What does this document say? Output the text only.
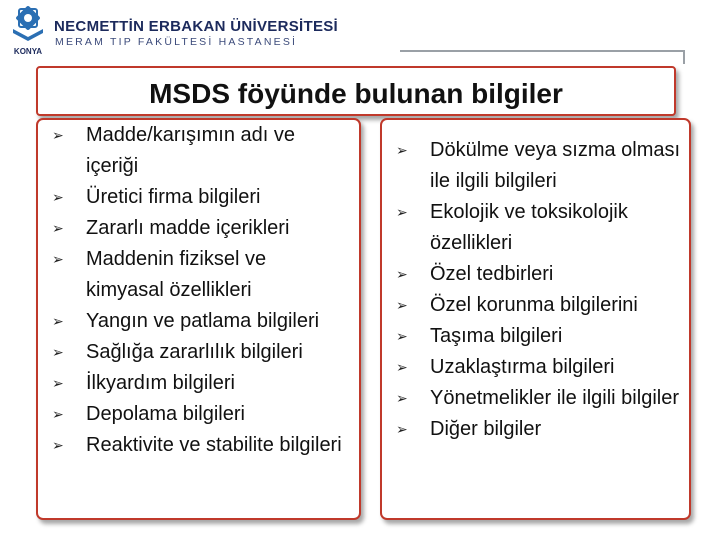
KONYA
NECMETTİN ERBAKAN ÜNİVERSİTESİ
MERAM TIP FAKÜLTESİ HASTANESİ
MSDS föyünde bulunan bilgiler
➢ Madde/karışımın adı ve içeriği
➢ Üretici firma bilgileri
➢ Zararlı madde içerikleri
➢ Maddenin fiziksel ve kimyasal özellikleri
➢ Yangın ve patlama bilgileri
➢ Sağlığa zararlılık bilgileri
➢ İlkyardım bilgileri
➢ Depolama bilgileri
➢ Reaktivite ve stabilite bilgileri
➢ Dökülme veya sızma olması ile ilgili bilgileri
➢ Ekolojik ve toksikolojik özellikleri
➢ Özel tedbirleri
➢ Özel korunma bilgilerini
➢ Taşıma bilgileri
➢ Uzaklaştırma bilgileri
➢ Yönetmelikler ile ilgili bilgiler
➢ Diğer bilgiler
